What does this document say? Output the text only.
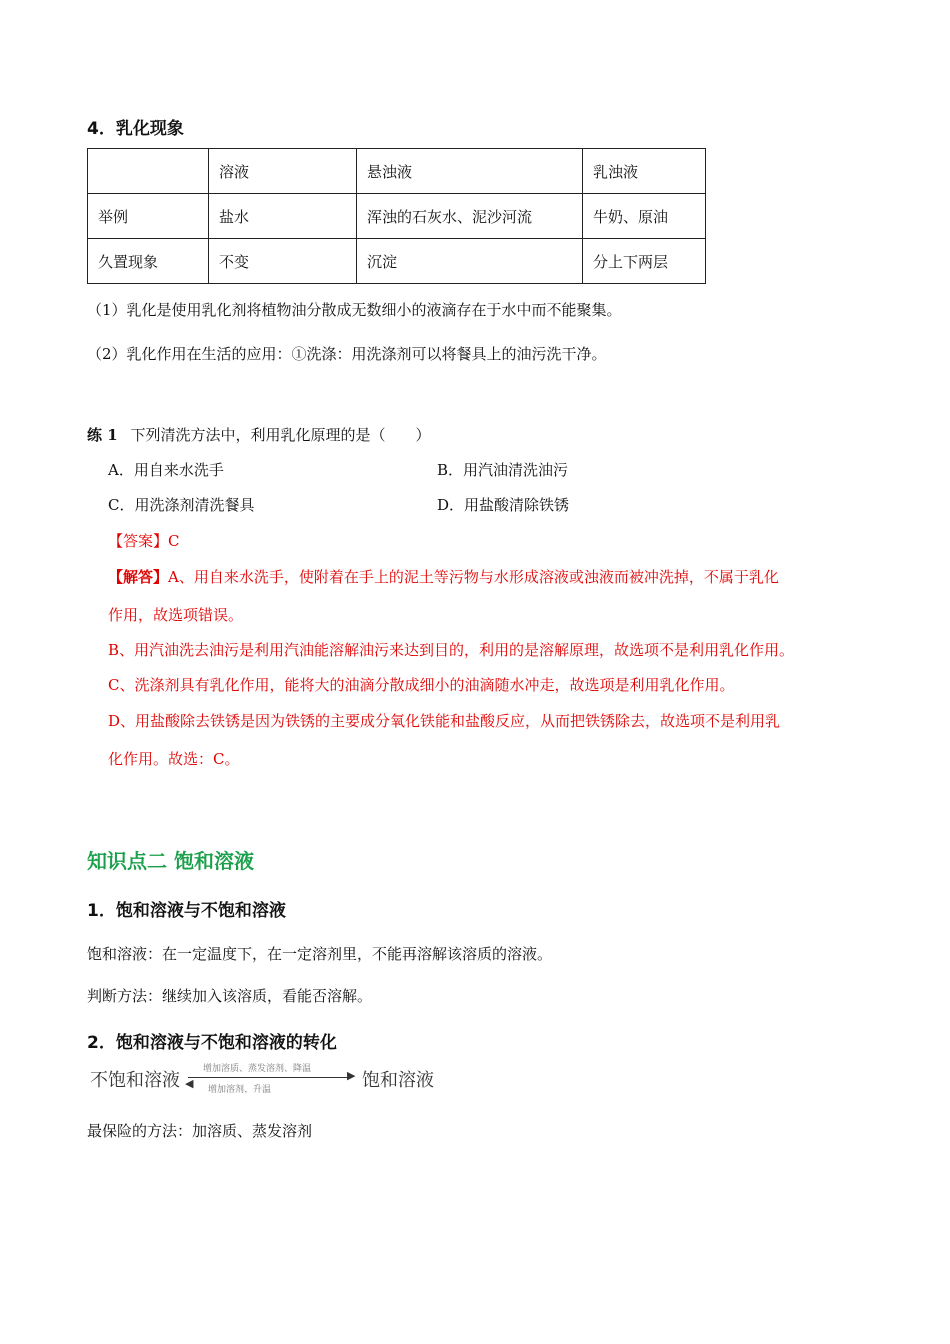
4．乳化现象
	溶液	悬浊液	乳浊液
举例	盐水	浑浊的石灰水、泥沙河流	牛奶、原油
久置现象	不变	沉淀	分上下两层
（1）乳化是使用乳化剂将植物油分散成无数细小的液滴存在于水中而不能聚集。
（2）乳化作用在生活的应用：①洗涤：用洗涤剂可以将餐具上的油污洗干净。
练 1 下列清洗方法中，利用乳化原理的是（　　）
A．用自来水洗手	B．用汽油清洗油污
C．用洗涤剂清洗餐具	D．用盐酸清除铁锈
【答案】C
【解答】A、用自来水洗手，使附着在手上的泥土等污物与水形成溶液或浊液而被冲洗掉，不属于乳化
作用，故选项错误。
B、用汽油洗去油污是利用汽油能溶解油污来达到目的，利用的是溶解原理，故选项不是利用乳化作用。
C、洗涤剂具有乳化作用，能将大的油滴分散成细小的油滴随水冲走，故选项是利用乳化作用。
D、用盐酸除去铁锈是因为铁锈的主要成分氧化铁能和盐酸反应，从而把铁锈除去，故选项不是利用乳
化作用。故选：C。
知识点二 饱和溶液
1．饱和溶液与不饱和溶液
饱和溶液：在一定温度下，在一定溶剂里，不能再溶解该溶质的溶液。
判断方法：继续加入该溶质，看能否溶解。
2．饱和溶液与不饱和溶液的转化
不饱和溶液
增加溶质、蒸发溶剂、降温	▶
◀ 增加溶剂、升温	饱和溶液
最保险的方法：加溶质、蒸发溶剂
